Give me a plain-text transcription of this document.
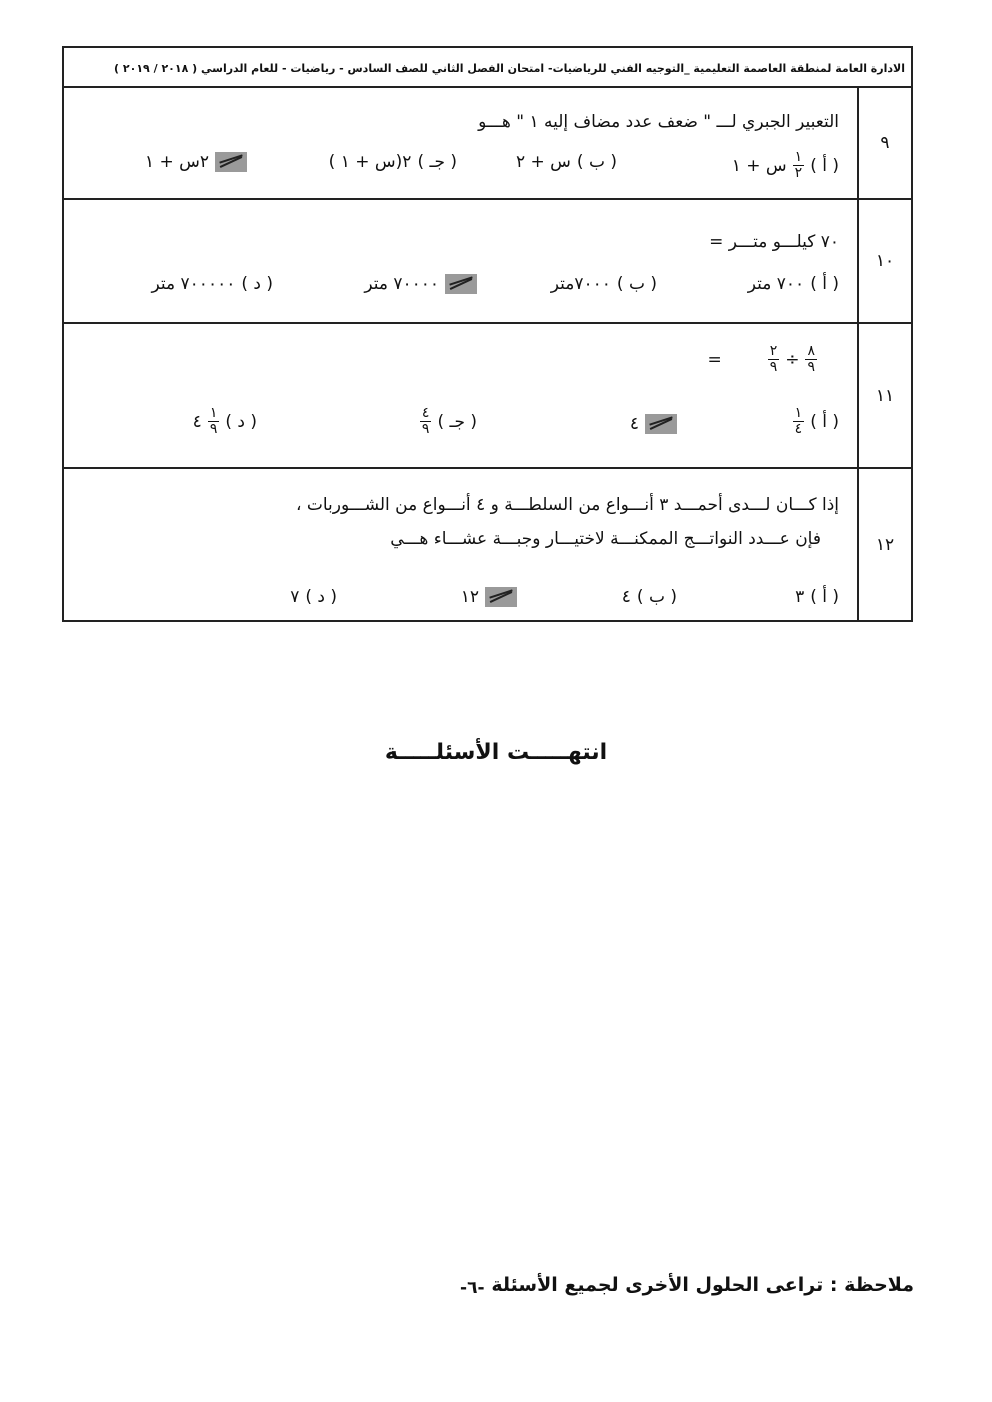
الادارة العامة لمنطقة العاصمة التعليمية _التوجيه الفني للرياضيات- امتحان الفصل الثاني للصف السادس - رياضيات - للعام الدراسي ( ٢٠١٨ / ٢٠١٩ )
٩
التعبير الجبري لـــ " ضعف عدد مضاف إليه ١ " هـــو
( أ )
$\frac{١}{٢}$
س + ١
( ب )
س + ٢
( جـ )
٢(س + ١ )
٢س + ١
١٠
٧٠ كيلـــو متـــر =
( أ )
٧٠٠ متر
( ب )
٧٠٠٠متر
٧٠٠٠٠ متر
( د )
٧٠٠٠٠٠ متر
١١
$\frac{٨}{٩}$
÷
$\frac{٢}{٩}$
=
( أ )
$\frac{١}{٤}$
٤
( جـ )
$\frac{٤}{٩}$
( د )
$\frac{١}{٩}$
٤
١٢
إذا كـــان لـــدى أحمـــد ٣ أنـــواع من السلطـــة و ٤ أنـــواع من الشـــوربات ،
فإن عـــدد النواتـــج الممكنـــة لاختيـــار وجبـــة عشـــاء هـــي
( أ )
٣
( ب )
٤
١٢
( د )
٧
انتهـــــت الأسئلـــــة
ملاحظة : تراعى الحلول الأخرى لجميع الأسئلة
-٦-
